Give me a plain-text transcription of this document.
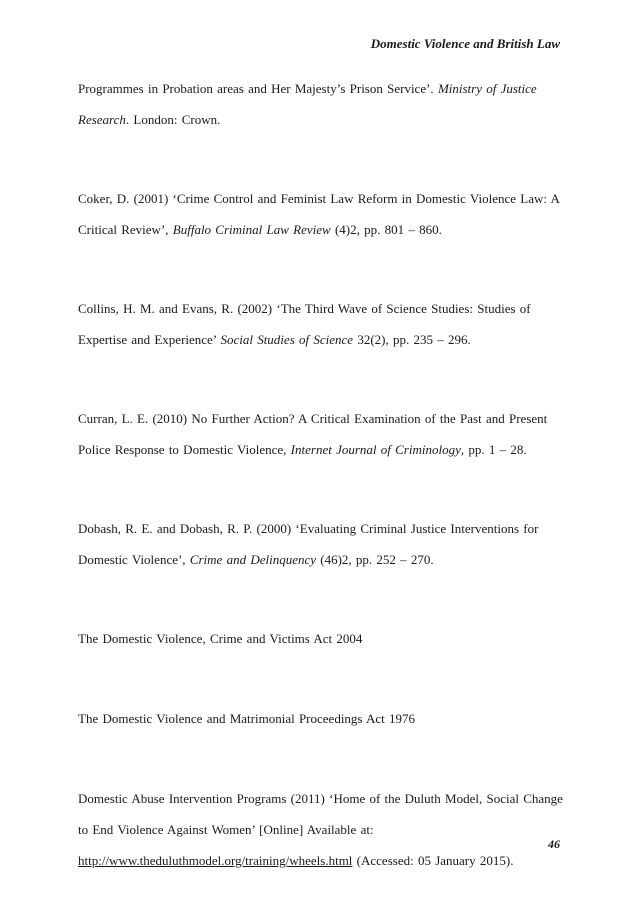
Domestic Violence and British Law

Programmes in Probation areas and Her Majesty’s Prison Service’. Ministry of Justice Research. London: Crown.

Coker, D. (2001) ‘Crime Control and Feminist Law Reform in Domestic Violence Law: A Critical Review’, Buffalo Criminal Law Review (4)2, pp. 801 – 860.

Collins, H. M. and Evans, R. (2002) ‘The Third Wave of Science Studies: Studies of Expertise and Experience’ Social Studies of Science 32(2), pp. 235 – 296.

Curran, L. E. (2010) No Further Action? A Critical Examination of the Past and Present Police Response to Domestic Violence, Internet Journal of Criminology, pp. 1 – 28.

Dobash, R. E. and Dobash, R. P. (2000) ‘Evaluating Criminal Justice Interventions for Domestic Violence’, Crime and Delinquency (46)2, pp. 252 – 270.

The Domestic Violence, Crime and Victims Act 2004

The Domestic Violence and Matrimonial Proceedings Act 1976

Domestic Abuse Intervention Programs (2011) ‘Home of the Duluth Model, Social Change to End Violence Against Women’ [Online] Available at: http://www.theduluthmodel.org/training/wheels.html (Accessed: 05 January 2015).

46
